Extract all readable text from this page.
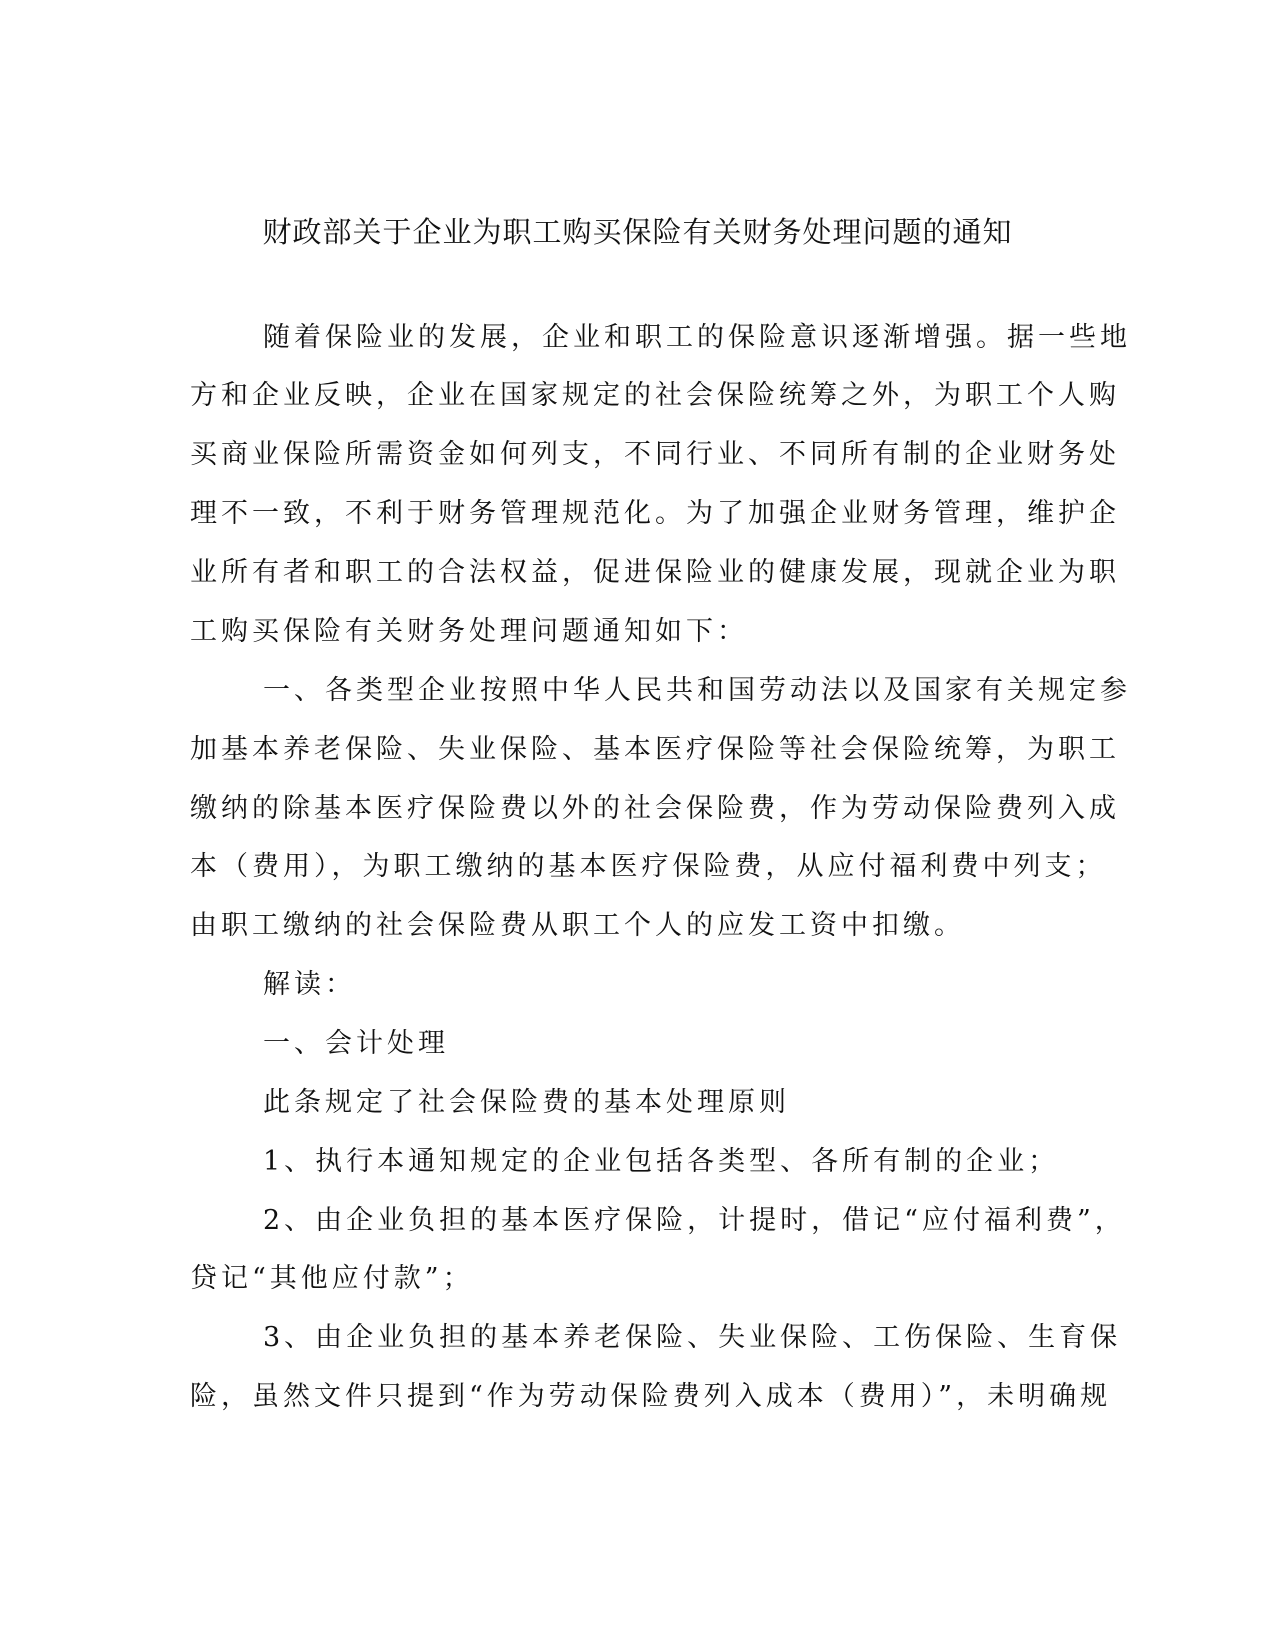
财政部关于企业为职工购买保险有关财务处理问题的通知
随着保险业的发展，企业和职工的保险意识逐渐增强。据一些地
方和企业反映，企业在国家规定的社会保险统筹之外，为职工个人购
买商业保险所需资金如何列支，不同行业、不同所有制的企业财务处
理不一致，不利于财务管理规范化。为了加强企业财务管理，维护企
业所有者和职工的合法权益，促进保险业的健康发展，现就企业为职
工购买保险有关财务处理问题通知如下：
一、各类型企业按照中华人民共和国劳动法以及国家有关规定参
加基本养老保险、失业保险、基本医疗保险等社会保险统筹，为职工
缴纳的除基本医疗保险费以外的社会保险费，作为劳动保险费列入成
本（费用），为职工缴纳的基本医疗保险费，从应付福利费中列支；
由职工缴纳的社会保险费从职工个人的应发工资中扣缴。
解读：
一、会计处理
此条规定了社会保险费的基本处理原则
1、执行本通知规定的企业包括各类型、各所有制的企业；
2、由企业负担的基本医疗保险，计提时，借记“应付福利费”，
贷记“其他应付款”；
3、由企业负担的基本养老保险、失业保险、工伤保险、生育保
险，虽然文件只提到“作为劳动保险费列入成本（费用）”，未明确规
